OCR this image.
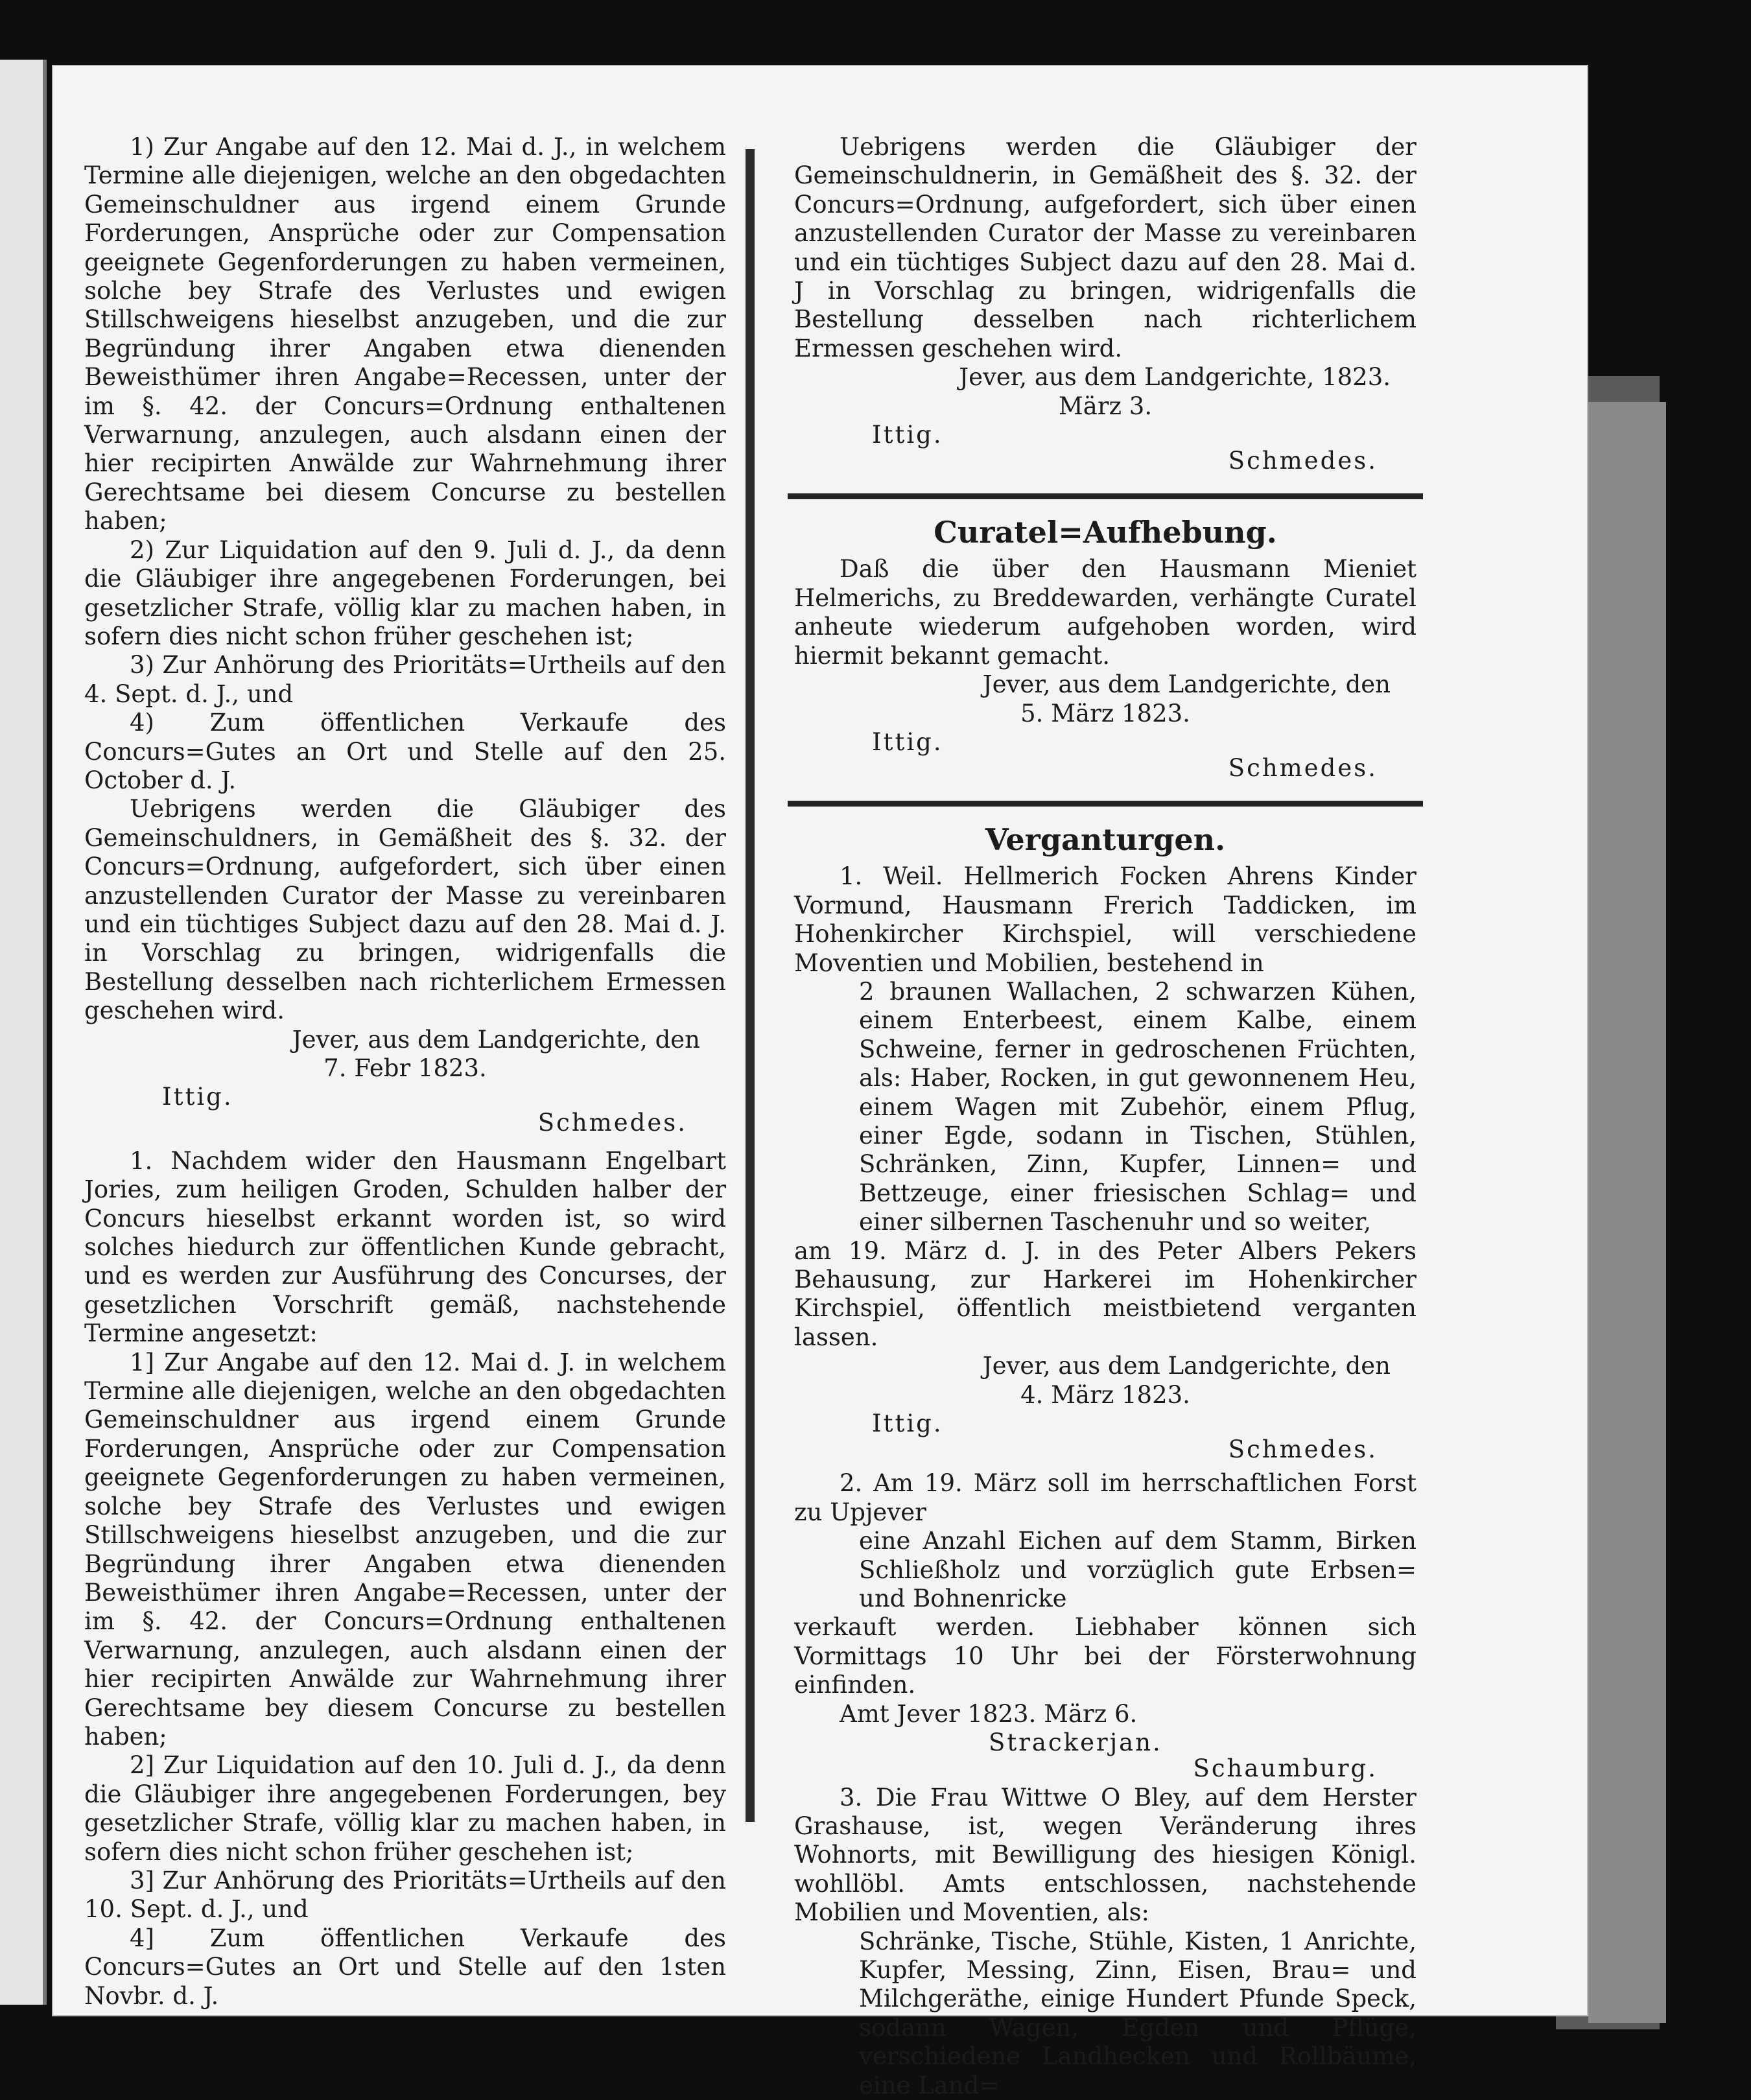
1) Zur Angabe auf den 12. Mai d. J., in welchem Termine alle diejenigen, welche an den obgedachten Gemeinschuldner aus irgend einem Grunde Forderungen, Ansprüche oder zur Compensation geeignete Gegenforderungen zu haben vermeinen, solche bey Strafe des Verlustes und ewigen Stillschweigens hieselbst anzugeben, und die zur Begründung ihrer Angaben etwa dienenden Beweisthümer ihren Angabe=Recessen, unter der im §. 42. der Concurs=Ordnung enthaltenen Verwarnung, anzulegen, auch alsdann einen der hier recipirten Anwälde zur Wahrnehmung ihrer Gerechtsame bei diesem Concurse zu bestellen haben;

2) Zur Liquidation auf den 9. Juli d. J., da denn die Gläubiger ihre angegebenen Forderungen, bei gesetzlicher Strafe, völlig klar zu machen haben, in sofern dies nicht schon früher geschehen ist;

3) Zur Anhörung des Prioritäts=Urtheils auf den 4. Sept. d. J., und

4) Zum öffentlichen Verkaufe des Concurs=Gutes an Ort und Stelle auf den 25. October d. J.

Uebrigens werden die Gläubiger des Gemeinschuldners, in Gemäßheit des §. 32. der Concurs=Ordnung, aufgefordert, sich über einen anzustellenden Curator der Masse zu vereinbaren und ein tüchtiges Subject dazu auf den 28. Mai d. J. in Vorschlag zu bringen, widrigenfalls die Bestellung desselben nach richterlichem Ermessen geschehen wird.

Jever, aus dem Landgerichte, den

7. Febr 1823.

Ittig.
Schmedes.

1. Nachdem wider den Hausmann Engelbart Jories, zum heiligen Groden, Schulden halber der Concurs hieselbst erkannt worden ist, so wird solches hiedurch zur öffentlichen Kunde gebracht, und es werden zur Ausführung des Concurses, der gesetzlichen Vorschrift gemäß, nachstehende Termine angesetzt:

1] Zur Angabe auf den 12. Mai d. J. in welchem Termine alle diejenigen, welche an den obgedachten Gemeinschuldner aus irgend einem Grunde Forderungen, Ansprüche oder zur Compensation geeignete Gegenforderungen zu haben vermeinen, solche bey Strafe des Verlustes und ewigen Stillschweigens hieselbst anzugeben, und die zur Begründung ihrer Angaben etwa dienenden Beweisthümer ihren Angabe=Recessen, unter der im §. 42. der Concurs=Ordnung enthaltenen Verwarnung, anzulegen, auch alsdann einen der hier recipirten Anwälde zur Wahrnehmung ihrer Gerechtsame bey diesem Concurse zu bestellen haben;

2] Zur Liquidation auf den 10. Juli d. J., da denn die Gläubiger ihre angegebenen Forderungen, bey gesetzlicher Strafe, völlig klar zu machen haben, in sofern dies nicht schon früher geschehen ist;

3] Zur Anhörung des Prioritäts=Urtheils auf den 10. Sept. d. J., und

4] Zum öffentlichen Verkaufe des Concurs=Gutes an Ort und Stelle auf den 1sten Novbr. d. J.

Uebrigens werden die Gläubiger der Gemeinschuldnerin, in Gemäßheit des §. 32. der Concurs=Ordnung, aufgefordert, sich über einen anzustellenden Curator der Masse zu vereinbaren und ein tüchtiges Subject dazu auf den 28. Mai d. J in Vorschlag zu bringen, widrigenfalls die Bestellung desselben nach richterlichem Ermessen geschehen wird.

Jever, aus dem Landgerichte, 1823.

März 3.

Ittig.
Schmedes.
Curatel=Aufhebung.

Daß die über den Hausmann Mieniet Helmerichs, zu Breddewarden, verhängte Curatel anheute wiederum aufgehoben worden, wird hiermit bekannt gemacht.

Jever, aus dem Landgerichte, den

5. März 1823.

Ittig.
Schmedes.
Verganturgen.

1. Weil. Hellmerich Focken Ahrens Kinder Vormund, Hausmann Frerich Taddicken, im Hohenkircher Kirchspiel, will verschiedene Moventien und Mobilien, bestehend in

2 braunen Wallachen, 2 schwarzen Kühen, einem Enterbeest, einem Kalbe, einem Schweine, ferner in gedroschenen Früchten, als: Haber, Rocken, in gut gewonnenem Heu, einem Wagen mit Zubehör, einem Pflug, einer Egde, sodann in Tischen, Stühlen, Schränken, Zinn, Kupfer, Linnen= und Bettzeuge, einer friesischen Schlag= und einer silbernen Taschenuhr und so weiter,

am 19. März d. J. in des Peter Albers Pekers Behausung, zur Harkerei im Hohenkircher Kirchspiel, öffentlich meistbietend verganten lassen.

Jever, aus dem Landgerichte, den

4. März 1823.

Ittig.
Schmedes.

2. Am 19. März soll im herrschaftlichen Forst zu Upjever

eine Anzahl Eichen auf dem Stamm, Birken Schließholz und vorzüglich gute Erbsen= und Bohnenricke

verkauft werden. Liebhaber können sich Vormittags 10 Uhr bei der Försterwohnung einfinden.

Amt Jever 1823. März 6.

Strackerjan.
Schaumburg.

3. Die Frau Wittwe O Bley, auf dem Herster Grashause, ist, wegen Veränderung ihres Wohnorts, mit Bewilligung des hiesigen Königl. wohllöbl. Amts entschlossen, nachstehende Mobilien und Moventien, als:

Schränke, Tische, Stühle, Kisten, 1 Anrichte, Kupfer, Messing, Zinn, Eisen, Brau= und Milchgeräthe, einige Hundert Pfunde Speck, sodann Wagen, Egden und Pflüge, verschiedene Landhecken und Rollbäume, eine Land=
